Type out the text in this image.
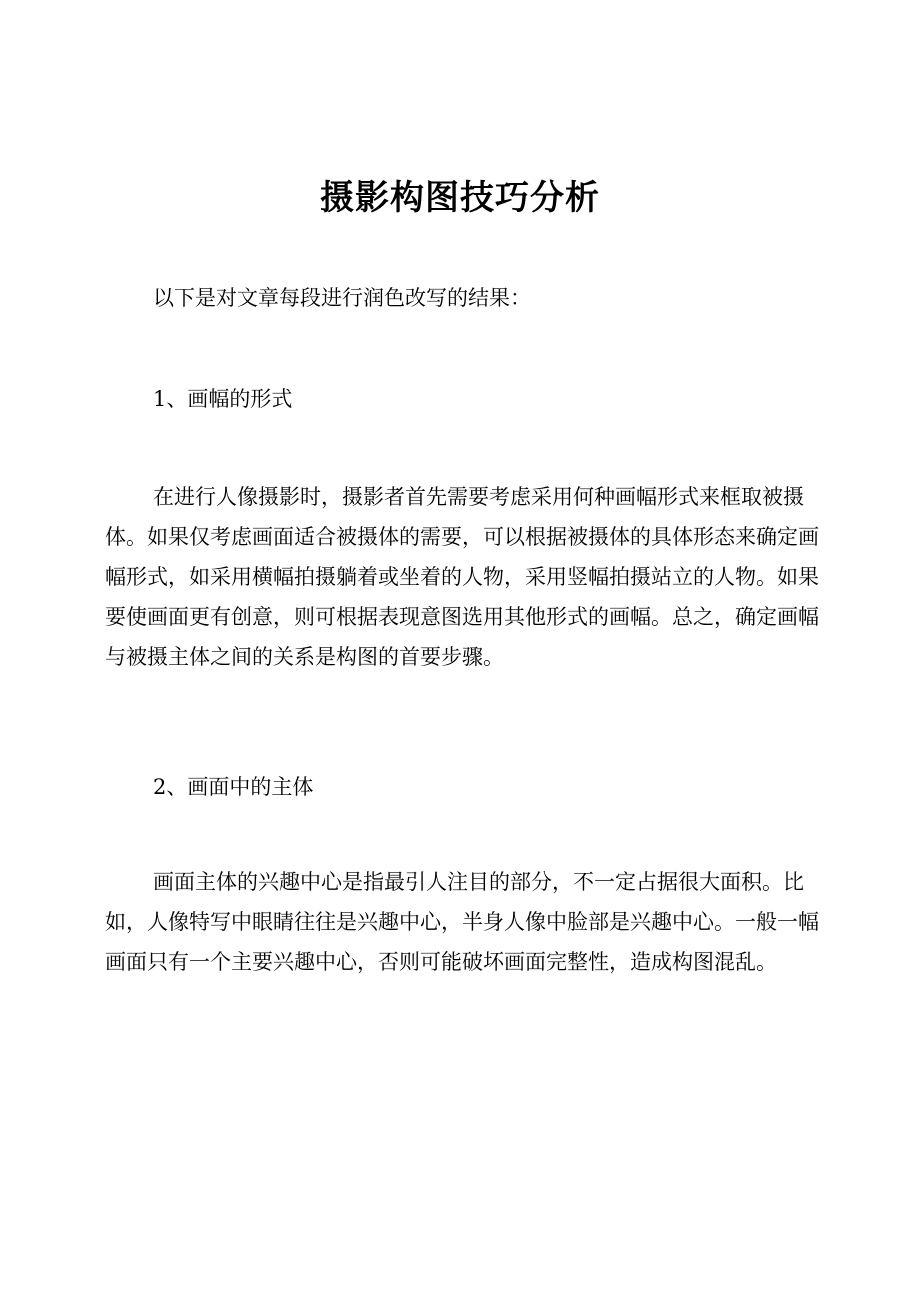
摄影构图技巧分析
以下是对文章每段进行润色改写的结果：
1、画幅的形式
在进行人像摄影时，摄影者首先需要考虑采用何种画幅形式来框取被摄体。如果仅考虑画面适合被摄体的需要，可以根据被摄体的具体形态来确定画幅形式，如采用横幅拍摄躺着或坐着的人物，采用竖幅拍摄站立的人物。如果要使画面更有创意，则可根据表现意图选用其他形式的画幅。总之，确定画幅与被摄主体之间的关系是构图的首要步骤。
2、画面中的主体
画面主体的兴趣中心是指最引人注目的部分，不一定占据很大面积。比如，人像特写中眼睛往往是兴趣中心，半身人像中脸部是兴趣中心。一般一幅画面只有一个主要兴趣中心，否则可能破坏画面完整性，造成构图混乱。
